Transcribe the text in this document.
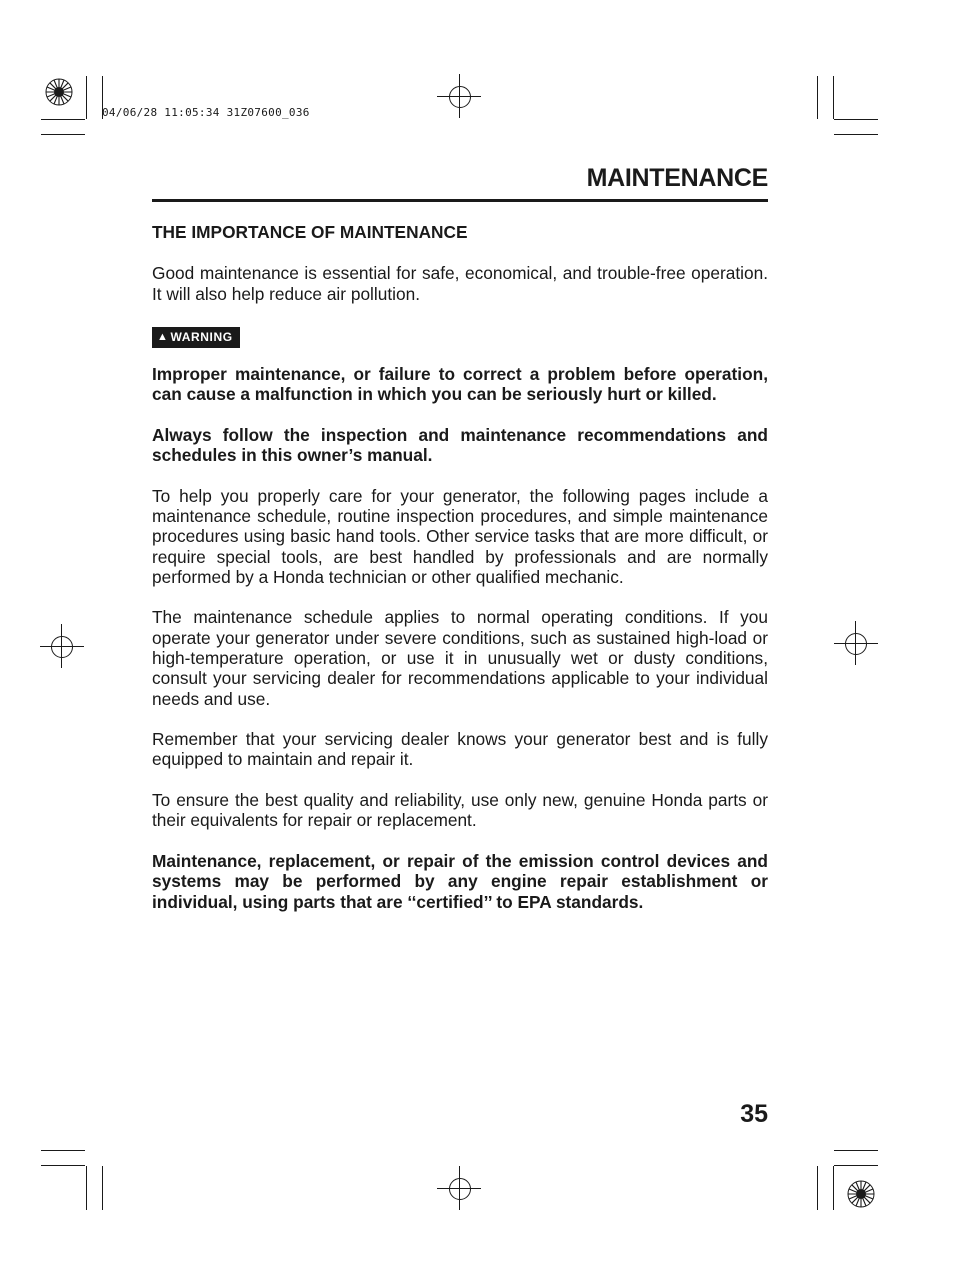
04/06/28 11:05:34 31Z07600_036
MAINTENANCE
THE IMPORTANCE OF MAINTENANCE

Good maintenance is essential for safe, economical, and trouble-free operation. It will also help reduce air pollution.

▲ WARNING

Improper maintenance, or failure to correct a problem before operation, can cause a malfunction in which you can be seriously hurt or killed.

Always follow the inspection and maintenance recommendations and schedules in this owner’s manual.

To help you properly care for your generator, the following pages include a maintenance schedule, routine inspection procedures, and simple maintenance procedures using basic hand tools. Other service tasks that are more difficult, or require special tools, are best handled by professionals and are normally performed by a Honda technician or other qualified mechanic.

The maintenance schedule applies to normal operating conditions. If you operate your generator under severe conditions, such as sustained high-load or high-temperature operation, or use it in unusually wet or dusty conditions, consult your servicing dealer for recommendations applicable to your individual needs and use.

Remember that your servicing dealer knows your generator best and is fully equipped to maintain and repair it.

To ensure the best quality and reliability, use only new, genuine Honda parts or their equivalents for repair or replacement.

Maintenance, replacement, or repair of the emission control devices and systems may be performed by any engine repair establishment or individual, using parts that are ‘‘certified’’ to EPA standards.

35
